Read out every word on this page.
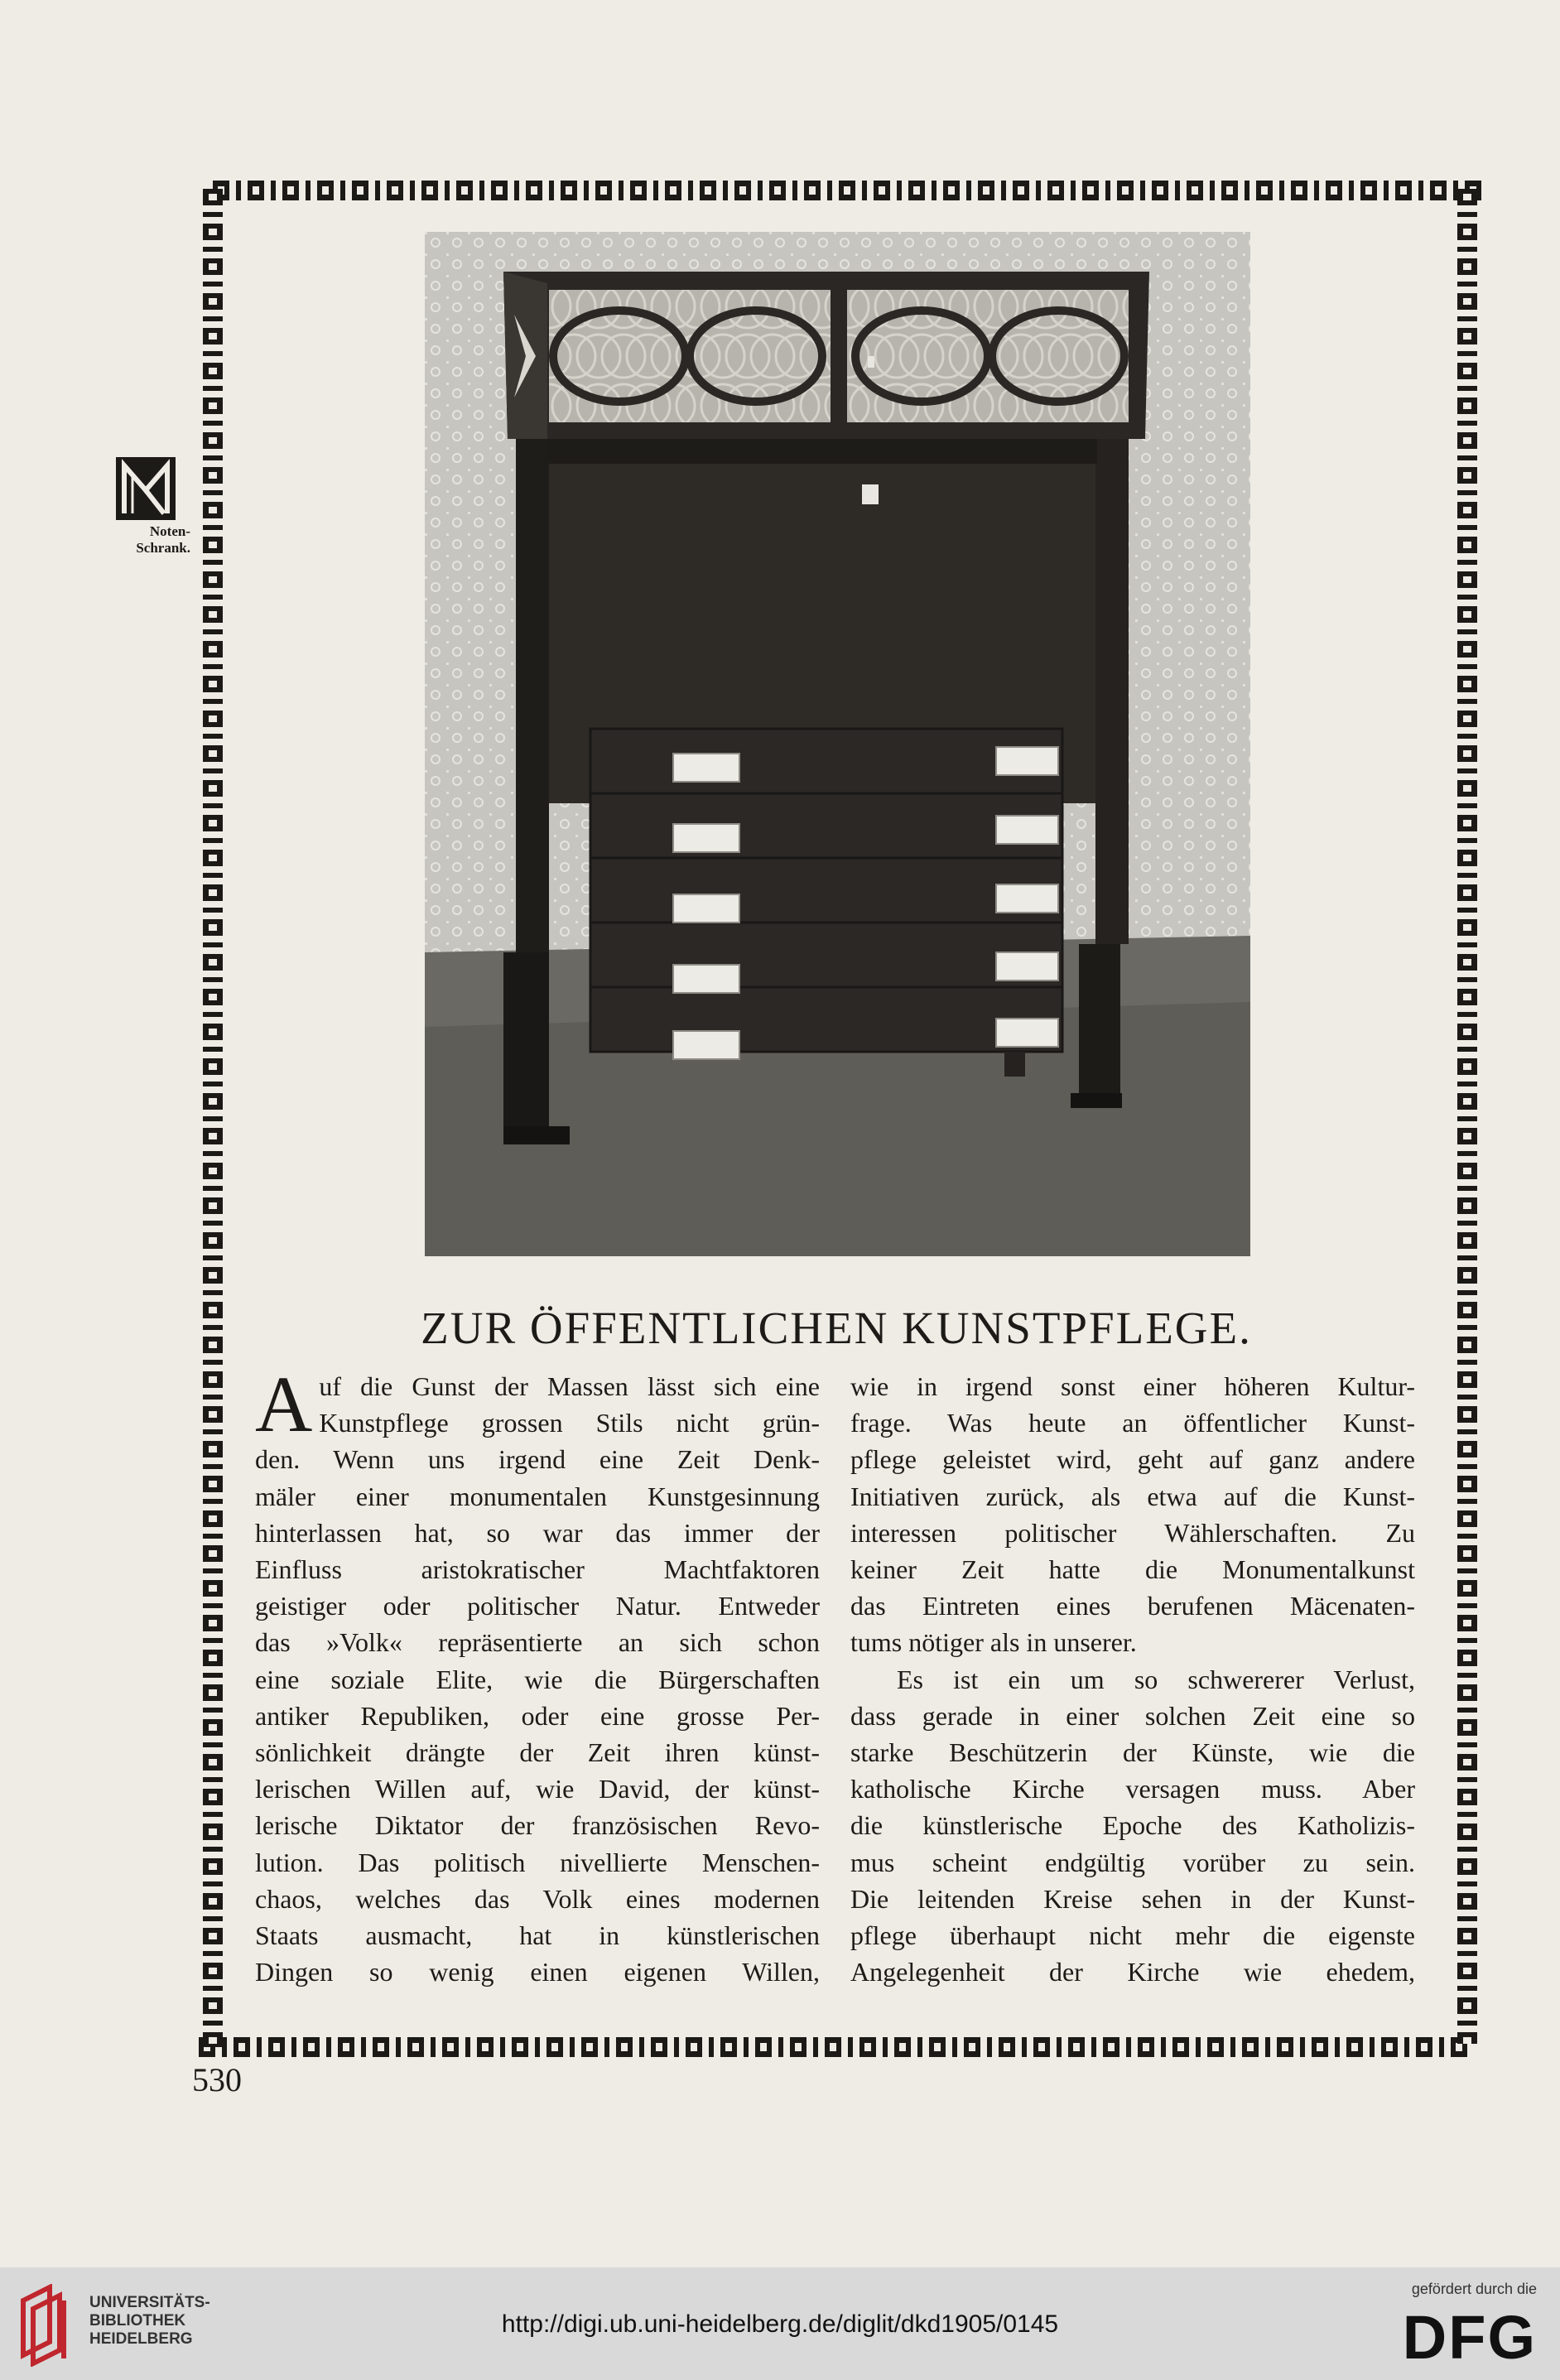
Noten-
Schrank.
ZUR ÖFFENTLICHEN KUNSTPFLEGE.
A uf die Gunst der Massen lässt sich eine
Kunstpflege grossen Stils nicht grün-
den. Wenn uns irgend eine Zeit Denk-
mäler einer monumentalen Kunstgesinnung
hinterlassen hat, so war das immer der
Einfluss aristokratischer Machtfaktoren
geistiger oder politischer Natur. Entweder
das »Volk« repräsentierte an sich schon
eine soziale Elite, wie die Bürgerschaften
antiker Republiken, oder eine grosse Per-
sönlichkeit drängte der Zeit ihren künst-
lerischen Willen auf, wie David, der künst-
lerische Diktator der französischen Revo-
lution. Das politisch nivellierte Menschen-
chaos, welches das Volk eines modernen
Staats ausmacht, hat in künstlerischen
Dingen so wenig einen eigenen Willen,
wie in irgend sonst einer höheren Kultur-
frage. Was heute an öffentlicher Kunst-
pflege geleistet wird, geht auf ganz andere
Initiativen zurück, als etwa auf die Kunst-
interessen politischer Wählerschaften. Zu
keiner Zeit hatte die Monumentalkunst
das Eintreten eines berufenen Mäcenaten-
tums nötiger als in unserer.
Es ist ein um so schwererer Verlust,
dass gerade in einer solchen Zeit eine so
starke Beschützerin der Künste, wie die
katholische Kirche versagen muss. Aber
die künstlerische Epoche des Katholizis-
mus scheint endgültig vorüber zu sein.
Die leitenden Kreise sehen in der Kunst-
pflege überhaupt nicht mehr die eigenste
Angelegenheit der Kirche wie ehedem,
530
UNIVERSITÄTS-
BIBLIOTHEK
HEIDELBERG
http://digi.ub.uni-heidelberg.de/diglit/dkd1905/0145
gefördert durch die
DFG
